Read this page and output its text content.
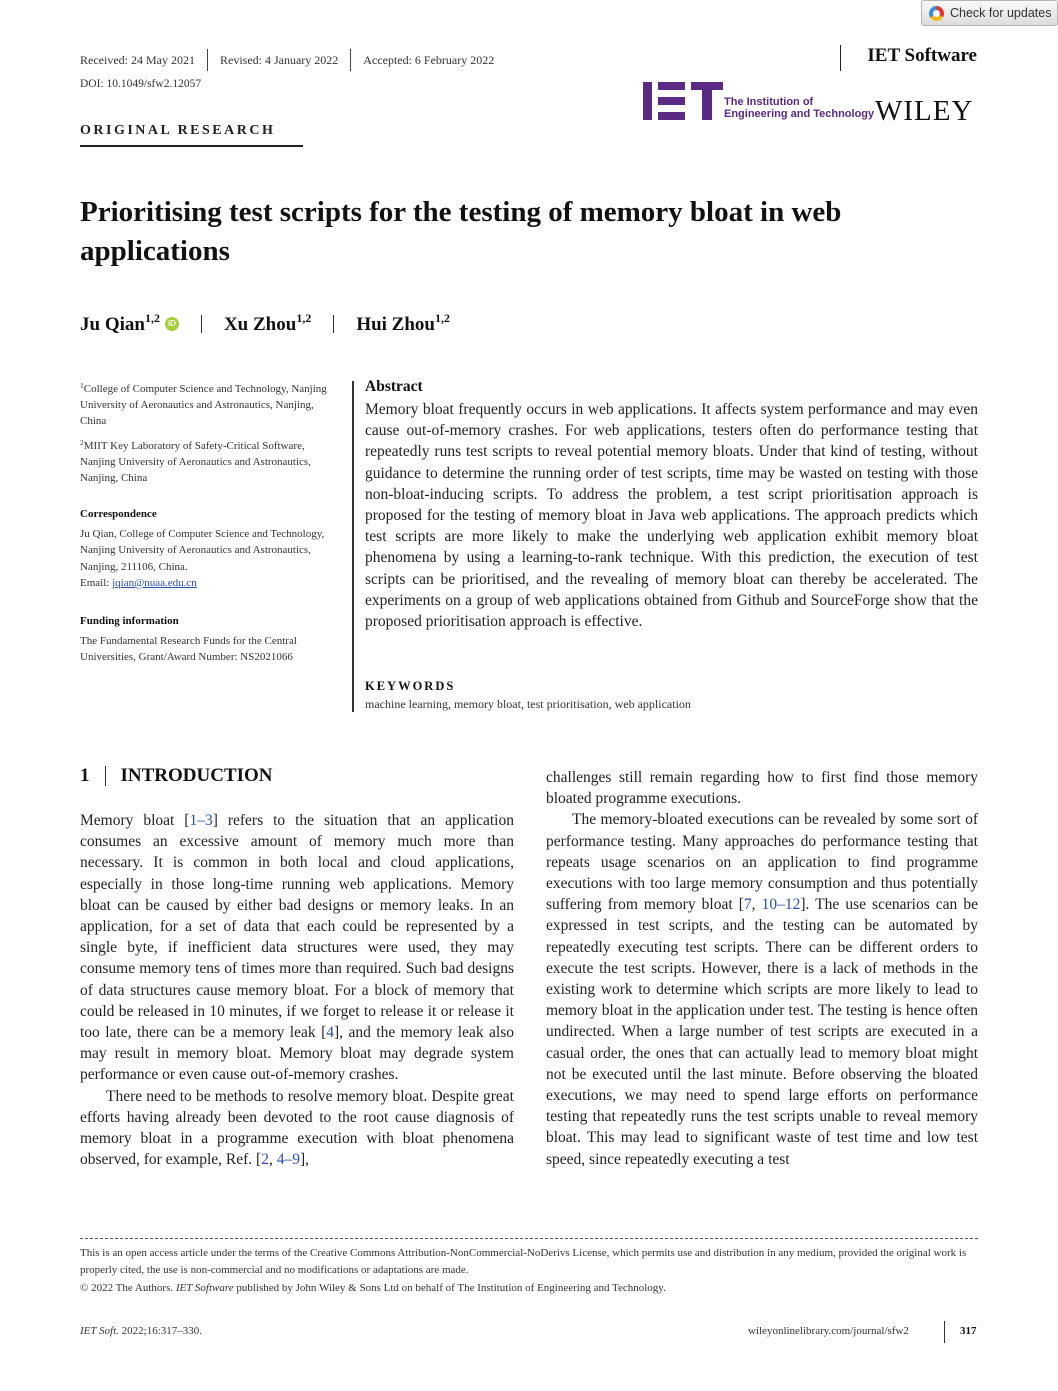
Check for updates
Received: 24 May 2021 Revised: 4 January 2022 Accepted: 6 February 2022	IET Software
DOI: 10.1049/sfw2.12057
The Institution of
Engineering and Technology WILEY
ORIGINAL RESEARCH
Prioritising test scripts for the testing of memory bloat in web applications
Ju Qian$^{1,2}$	iD	Xu Zhou$^{1,2}$ Hui Zhou$^{1,2}$
$^1$College of Computer Science and Technology, Nanjing University of Aeronautics and Astronautics, Nanjing, China
$^2$MIIT Key Laboratory of Safety-Critical Software, Nanjing University of Aeronautics and Astronautics, Nanjing, China
Correspondence
Ju Qian, College of Computer Science and Technology, Nanjing University of Aeronautics and Astronautics, Nanjing, 211106, China.
Email: jqian@nuaa.edu.cn
Funding information
The Fundamental Research Funds for the Central Universities, Grant/Award Number: NS2021066
Abstract

Memory bloat frequently occurs in web applications. It affects system performance and may even cause out-of-memory crashes. For web applications, testers often do performance testing that repeatedly runs test scripts to reveal potential memory bloats. Under that kind of testing, without guidance to determine the running order of test scripts, time may be wasted on testing with those non-bloat-inducing scripts. To address the problem, a test script prioritisation approach is proposed for the testing of memory bloat in Java web applications. The approach predicts which test scripts are more likely to make the underlying web application exhibit memory bloat phenomena by using a learning-to-rank technique. With this prediction, the execution of test scripts can be prioritised, and the revealing of memory bloat can thereby be accelerated. The experiments on a group of web applications obtained from Github and SourceForge show that the proposed prioritisation approach is effective.

KEYWORDS
machine learning, memory bloat, test prioritisation, web application
1 INTRODUCTION

Memory bloat [1–3] refers to the situation that an application consumes an excessive amount of memory much more than necessary. It is common in both local and cloud applications, especially in those long-time running web applications. Memory bloat can be caused by either bad designs or memory leaks. In an application, for a set of data that each could be represented by a single byte, if inefficient data structures were used, they may consume memory tens of times more than required. Such bad designs of data structures cause memory bloat. For a block of memory that could be released in 10 minutes, if we forget to release it or release it too late, there can be a memory leak [4], and the memory leak also may result in memory bloat. Memory bloat may degrade system performance or even cause out-of-memory crashes.

There need to be methods to resolve memory bloat. Despite great efforts having already been devoted to the root cause diagnosis of memory bloat in a programme execution with bloat phenomena observed, for example, Ref. [2, 4–9],

challenges still remain regarding how to first find those memory bloated programme executions.

The memory-bloated executions can be revealed by some sort of performance testing. Many approaches do performance testing that repeats usage scenarios on an application to find programme executions with too large memory consumption and thus potentially suffering from memory bloat [7, 10–12]. The use scenarios can be expressed in test scripts, and the testing can be automated by repeatedly executing test scripts. There can be different orders to execute the test scripts. However, there is a lack of methods in the existing work to determine which scripts are more likely to lead to memory bloat in the application under test. The testing is hence often undirected. When a large number of test scripts are executed in a casual order, the ones that can actually lead to memory bloat might not be executed until the last minute. Before observing the bloated executions, we may need to spend large efforts on performance testing that repeatedly runs the test scripts unable to reveal memory bloat. This may lead to significant waste of test time and low test speed, since repeatedly executing a test

This is an open access article under the terms of the Creative Commons Attribution-NonCommercial-NoDerivs License, which permits use and distribution in any medium, provided the original work is properly cited, the use is non-commercial and no modifications or adaptations are made.

© 2022 The Authors. IET Software published by John Wiley & Sons Ltd on behalf of The Institution of Engineering and Technology.
IET Soft. 2022;16:317–330.	wileyonlinelibrary.com/journal/sfw2	317
